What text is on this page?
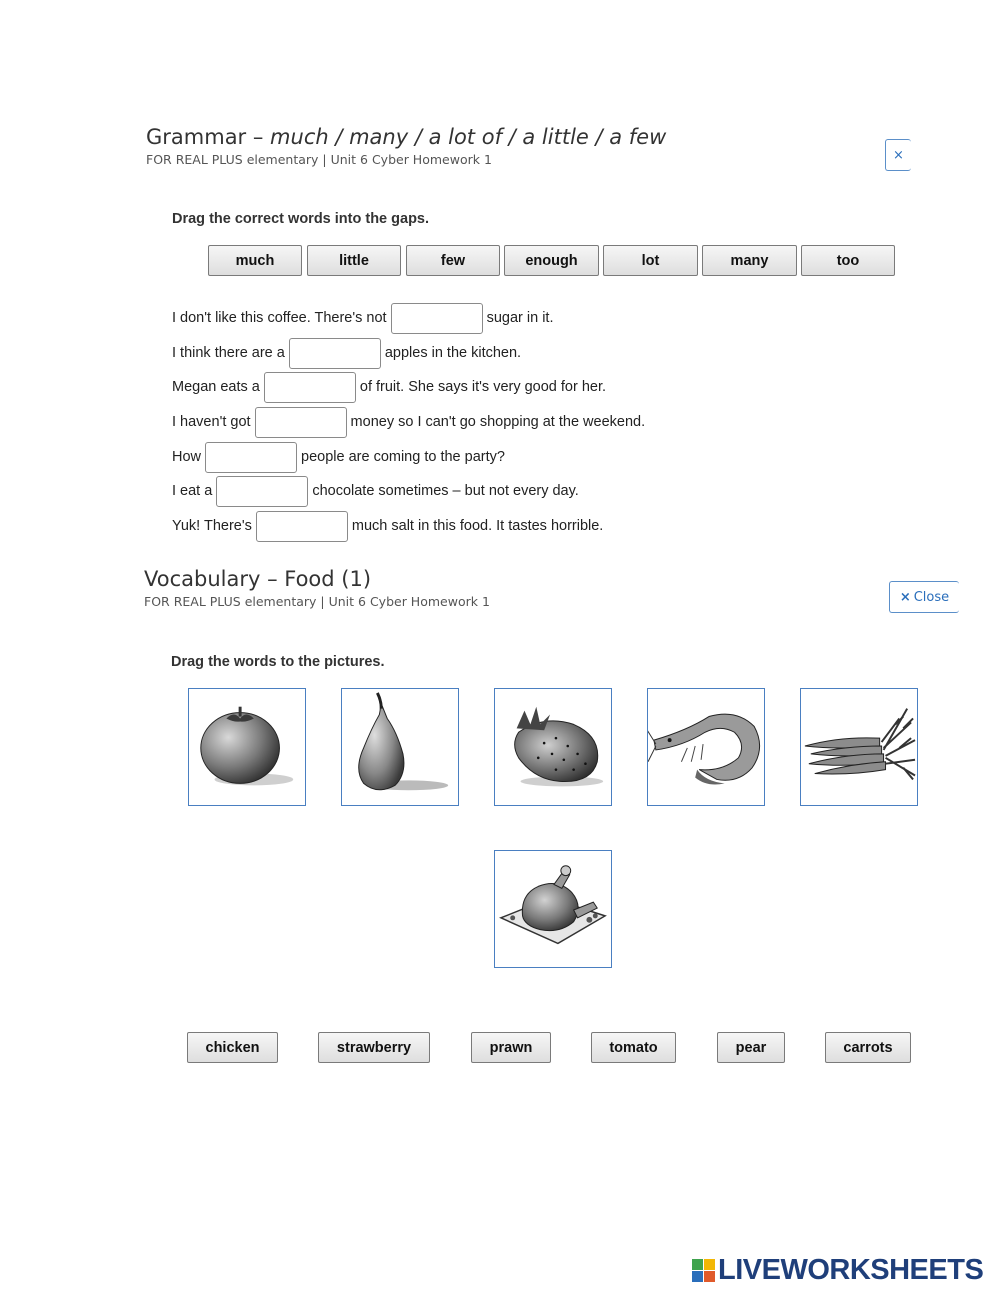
Grammar – much / many / a lot of / a little / a few
FOR REAL PLUS elementary | Unit 6 Cyber Homework 1	×
Drag the correct words into the gaps.
much	little	few	enough	lot	many	too
I don't like this coffee. There's not	sugar in it.
I think there are a	apples in the kitchen.
Megan eats a	of fruit. She says it's very good for her.
I haven't got	money so I can't go shopping at the weekend.
How	people are coming to the party?
I eat a	chocolate sometimes – but not every day.
Yuk! There's	much salt in this food. It tastes horrible.
Vocabulary – Food (1)
FOR REAL PLUS elementary | Unit 6 Cyber Homework 1	× Close
Drag the words to the pictures.
chicken	strawberry	prawn	tomato	pear	carrots
LIVEWORKSHEETS
